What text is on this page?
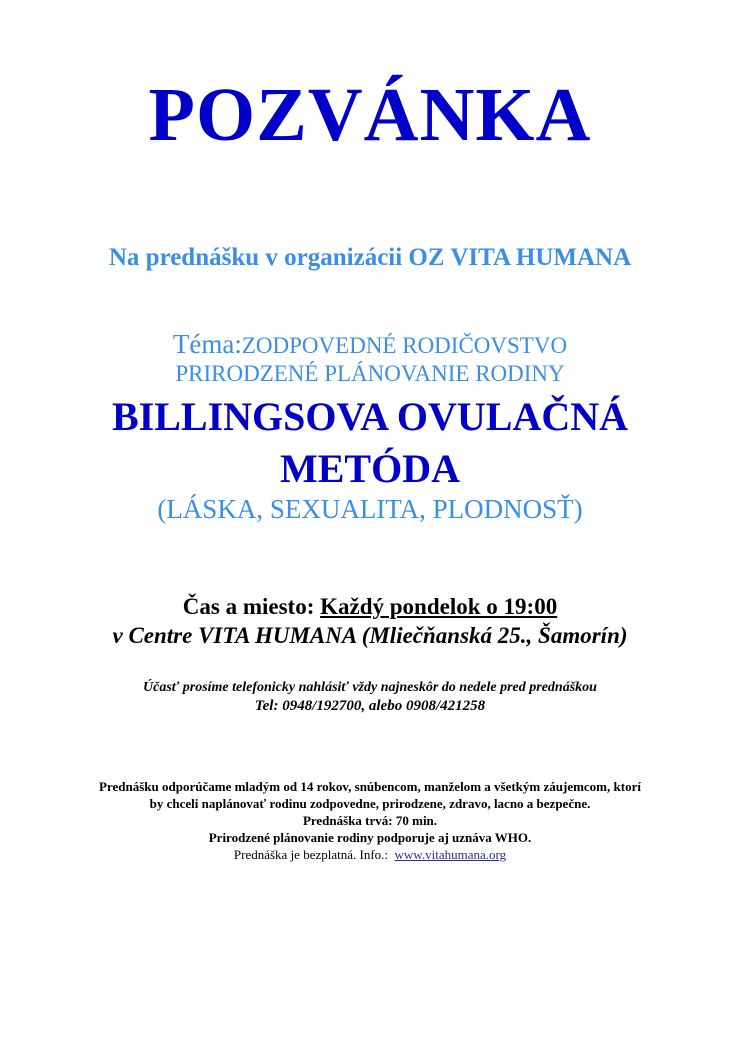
POZVÁNKA
Na prednášku v organizácii OZ VITA HUMANA
Téma:ZODPOVEDNÉ RODIČOVSTVO
PRIRODZENÉ PLÁNOVANIE RODINY
BILLINGSOVA OVULAČNÁ
METÓDA
(LÁSKA, SEXUALITA, PLODNOSŤ)
Čas a miesto: Každý pondelok o 19:00
v Centre VITA HUMANA (Mliečňanská 25., Šamorín)
Účasť prosíme telefonicky nahlásiť vždy najneskôr do nedele pred prednáškou
Tel: 0948/192700, alebo 0908/421258
Prednášku odporúčame mladým od 14 rokov, snúbencom, manželom a všetkým záujemcom, ktorí
by chceli naplánovať rodinu zodpovedne, prirodzene, zdravo, lacno a bezpečne.
Prednáška trvá: 70 min.
Prirodzené plánovanie rodiny podporuje aj uznáva WHO.
Prednáška je bezplatná. Info.:  www.vitahumana.org
